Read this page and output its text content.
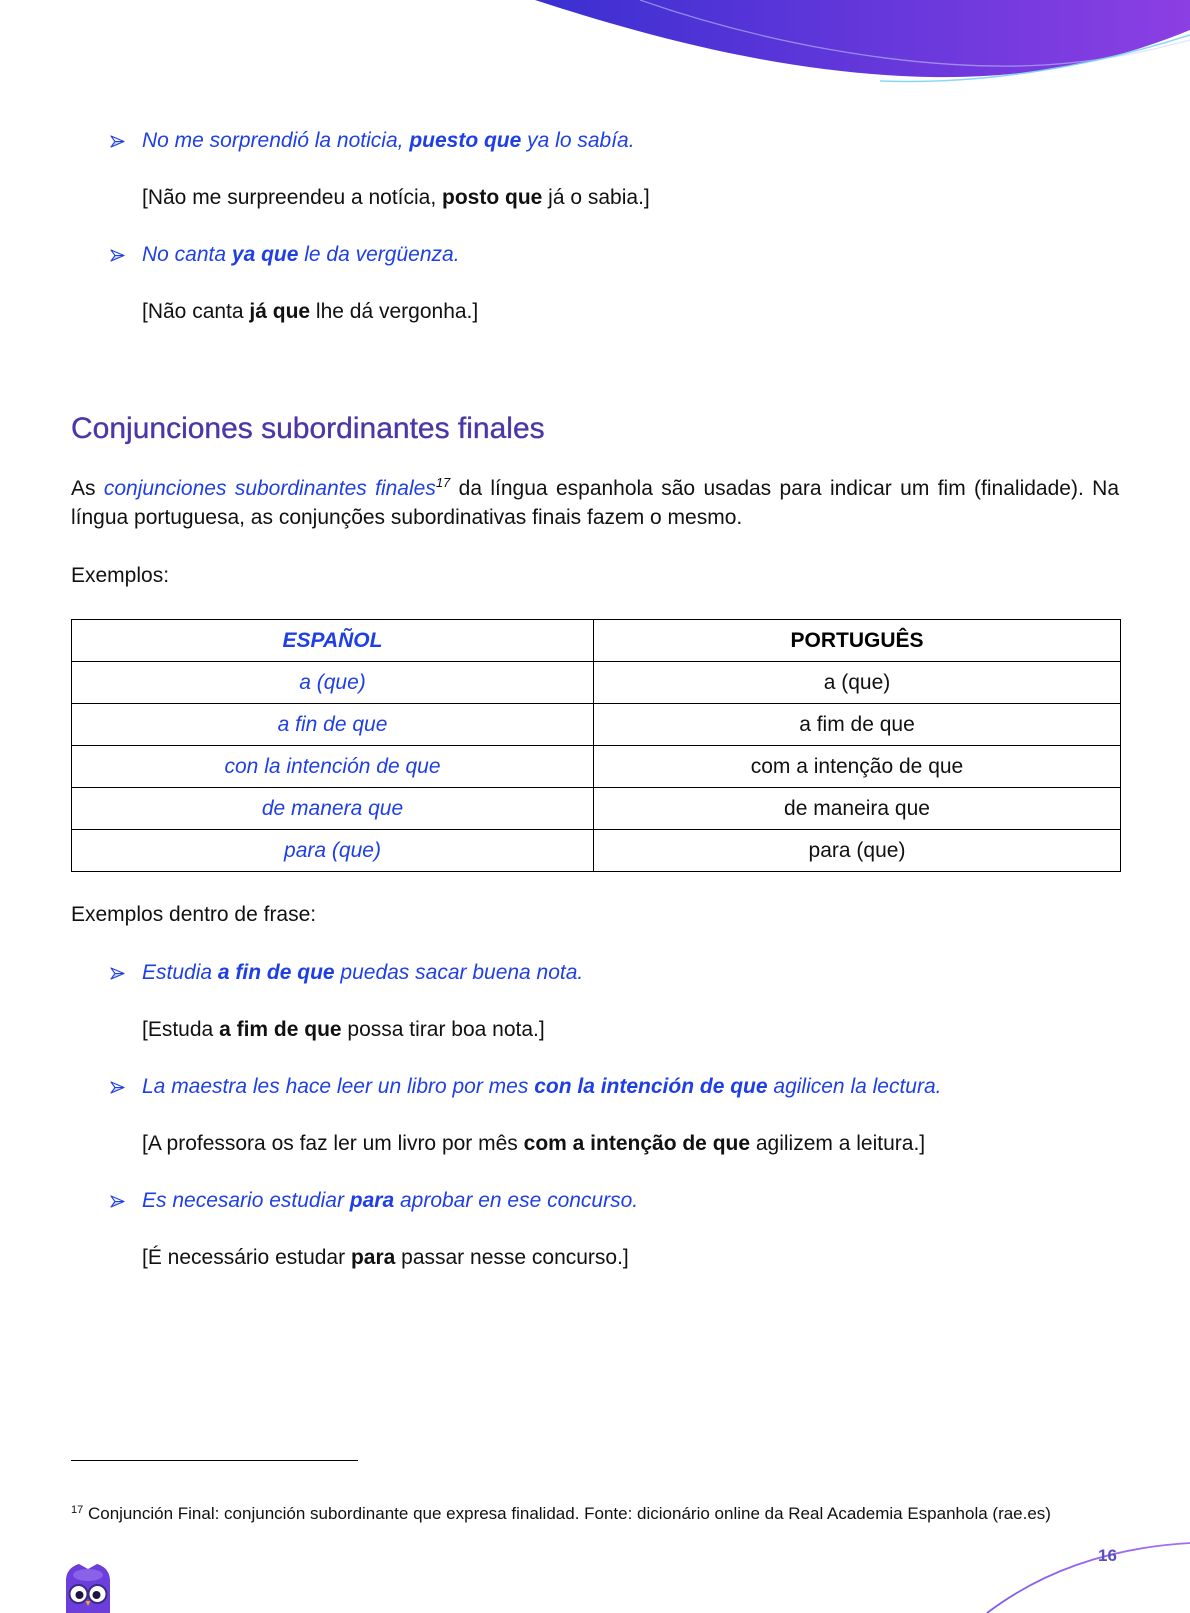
No me sorprendió la noticia, puesto que ya lo sabía.

[Não me surpreendeu a notícia, posto que já o sabia.]

No canta ya que le da vergüenza.

[Não canta já que lhe dá vergonha.]

Conjunciones subordinantes finales

As conjunciones subordinantes finales$^{17}$ da língua espanhola são usadas para indicar um fim (finalidade). Na

língua portuguesa, as conjunções subordinativas finais fazem o mesmo.

Exemplos:

ESPAÑOL	PORTUGUÊS
a (que)	a (que)
a fin de que	a fim de que
con la intención de que	com a intenção de que
de manera que	de maneira que
para (que)	para (que)

Exemplos dentro de frase:

Estudia a fin de que puedas sacar buena nota.

[Estuda a fim de que possa tirar boa nota.]

La maestra les hace leer un libro por mes con la intención de que agilicen la lectura.

[A professora os faz ler um livro por mês com a intenção de que agilizem a leitura.]

Es necesario estudiar para aprobar en ese concurso.

[É necessário estudar para passar nesse concurso.]

$^{17}$ Conjunción Final: conjunción subordinante que expresa finalidad. Fonte: dicionário online da Real Academia Espanhola (rae.es)

16
